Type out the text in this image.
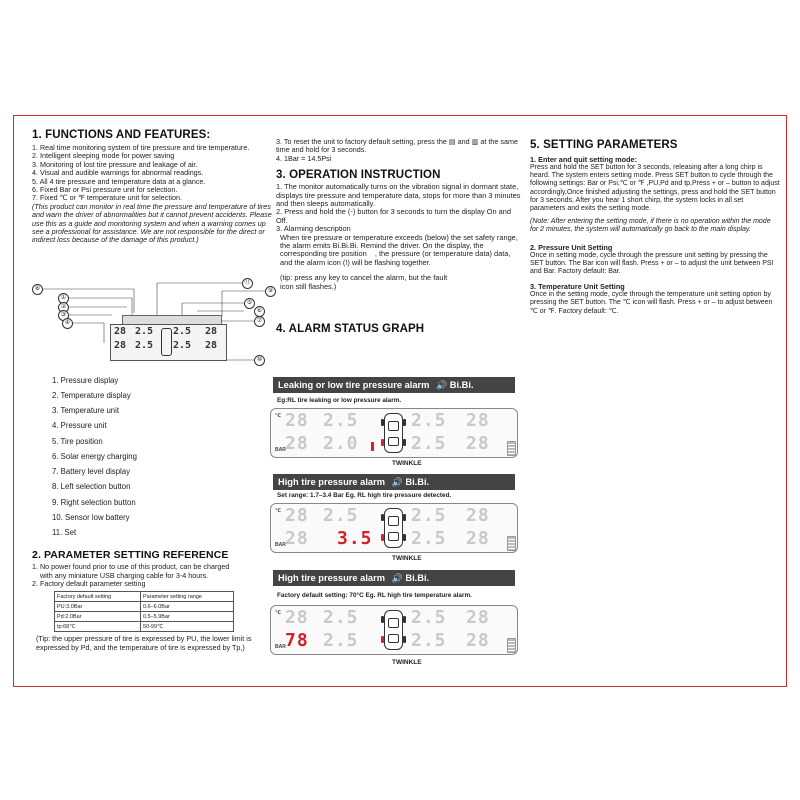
1. FUNCTIONS AND FEATURES:

1. Real time monitoring system of tire pressure and tire temperature.

2. Intelligent sleeping mode for power saving

3. Monitoring of lost tire pressure and leakage of air.

4. Visual and audible warnings for abnormal readings.

5. All 4 tire pressure and temperature data at a glance.

6. Fixed Bar or Psi pressure unit for selection.

7. Fixed ℃ or ℉ temperature unit for selection.

(This product can monitor in real time the pressure and temperature of tires and warn the driver of abnormalities but it cannot prevent accidents. Please use this as a guide and monitoring system and when a warning comes up see a professional for assistance. We are not responsible for the direct or indirect loss because of the damage of this product.)

28 2.5 2.5 28
28 2.5 2.5 28
⑧
①
②
③
④
⑪
⑨
⑤
⑥
⑦
⑩
1. Pressure display
2. Temperature display
3. Temperature unit
4. Pressure unit
5. Tire position
6. Solar energy charging
7. Battery level display
8. Left selection button
9. Right selection button
10. Sensor low battery
11. Set
2. PARAMETER SETTING REFERENCE

1. No power found prior to use of this product, can be charged

with any miniature USB charging cable for 3-4 hours.

2. Factory default parameter setting

Factory default setting	Parameter setting range
PU:3.0Bar	0.6–6.0Bar
Pd:2.0Bar	0.5–5.9Bar
tp:68℃	50-99℃

(Tip: the upper pressure of tire is expressed by PU, the lower limit is expressed by Pd, and the temperature of tire is expressed by Tp,)

3. To reset the unit to factory default setting, press the ▤ and ▥ at the same time and hold for 3 seconds.

4. 1Bar = 14.5Psi

3. OPERATION INSTRUCTION

1. The monitor automatically turns on the vibration signal in dormant state, displays tire pressure and temperature data, stops for more than 3 minutes and then sleeps automatically.

2. Press and hold the (-) button for 3 seconds to turn the display On and Off.

3. Alarming description

When tire pressure or temperature exceeds (below) the set safety range, the alarm emits Bi.Bi.Bi. Remind the driver. On the display, the corresponding tire position    , the pressure (or temperature data) data, and the alarm icon (!) will be flashing together.

(tip: press any key to cancel the alarm, but the fault icon still flashes.)

4. ALARM STATUS GRAPH
5. SETTING PARAMETERS

1. Enter and quit setting mode:

Press and hold the SET button for 3 seconds, releasing after a long chirp is heard. The system enters setting mode. Press SET button to cycle through the following settings: Bar or Psi,℃ or ℉ ,PU,Pd and tp,Press + or – button to adjust accordingly,Once finished adjusting the settings, press and hold the SET button for 3 seconds, After you hear 1 short chirp, the system locks in all set parameters and exits the setting mode.

(Note: After entering the setting mode, if there is no operation within the mode for 2 minutes, the system will automatically go back to the main display.

2. Pressure Unit Setting

Once in setting mode, cycle through the pressure unit setting by pressing the SET button. The Bar icon will flash. Press + or – to adjust the unit between PSI and Bar. Factory default: Bar.

3. Temperature Unit Setting

Once in the setting mode, cycle through the temperature unit setting option by pressing the SET button. The ℃ icon will flash. Press + or – to adjust between ℃ or ℉. Factory default: ℃.

Leaking or low tire pressure alarm 🔊 Bi.Bi.
Eg:RL tire leaking or low pressure alarm.
℃
BAR
28 2.5	2.5 28
28 2.0	2.5 28
TWINKLE
High tire pressure alarm 🔊 Bi.Bi.
Set range: 1.7–3.4 Bar Eg. RL high tire pressure detected.
℃
BAR
28 2.5	2.5 28
28 3.5 2.5 28
TWINKLE
High tire pressure alarm 🔊 Bi.Bi.
Factory default setting: 70°C Eg. RL high tire temperature alarm.
℃
BAR
28 2.5	2.5 28
78 2.5	2.5 28
TWINKLE
